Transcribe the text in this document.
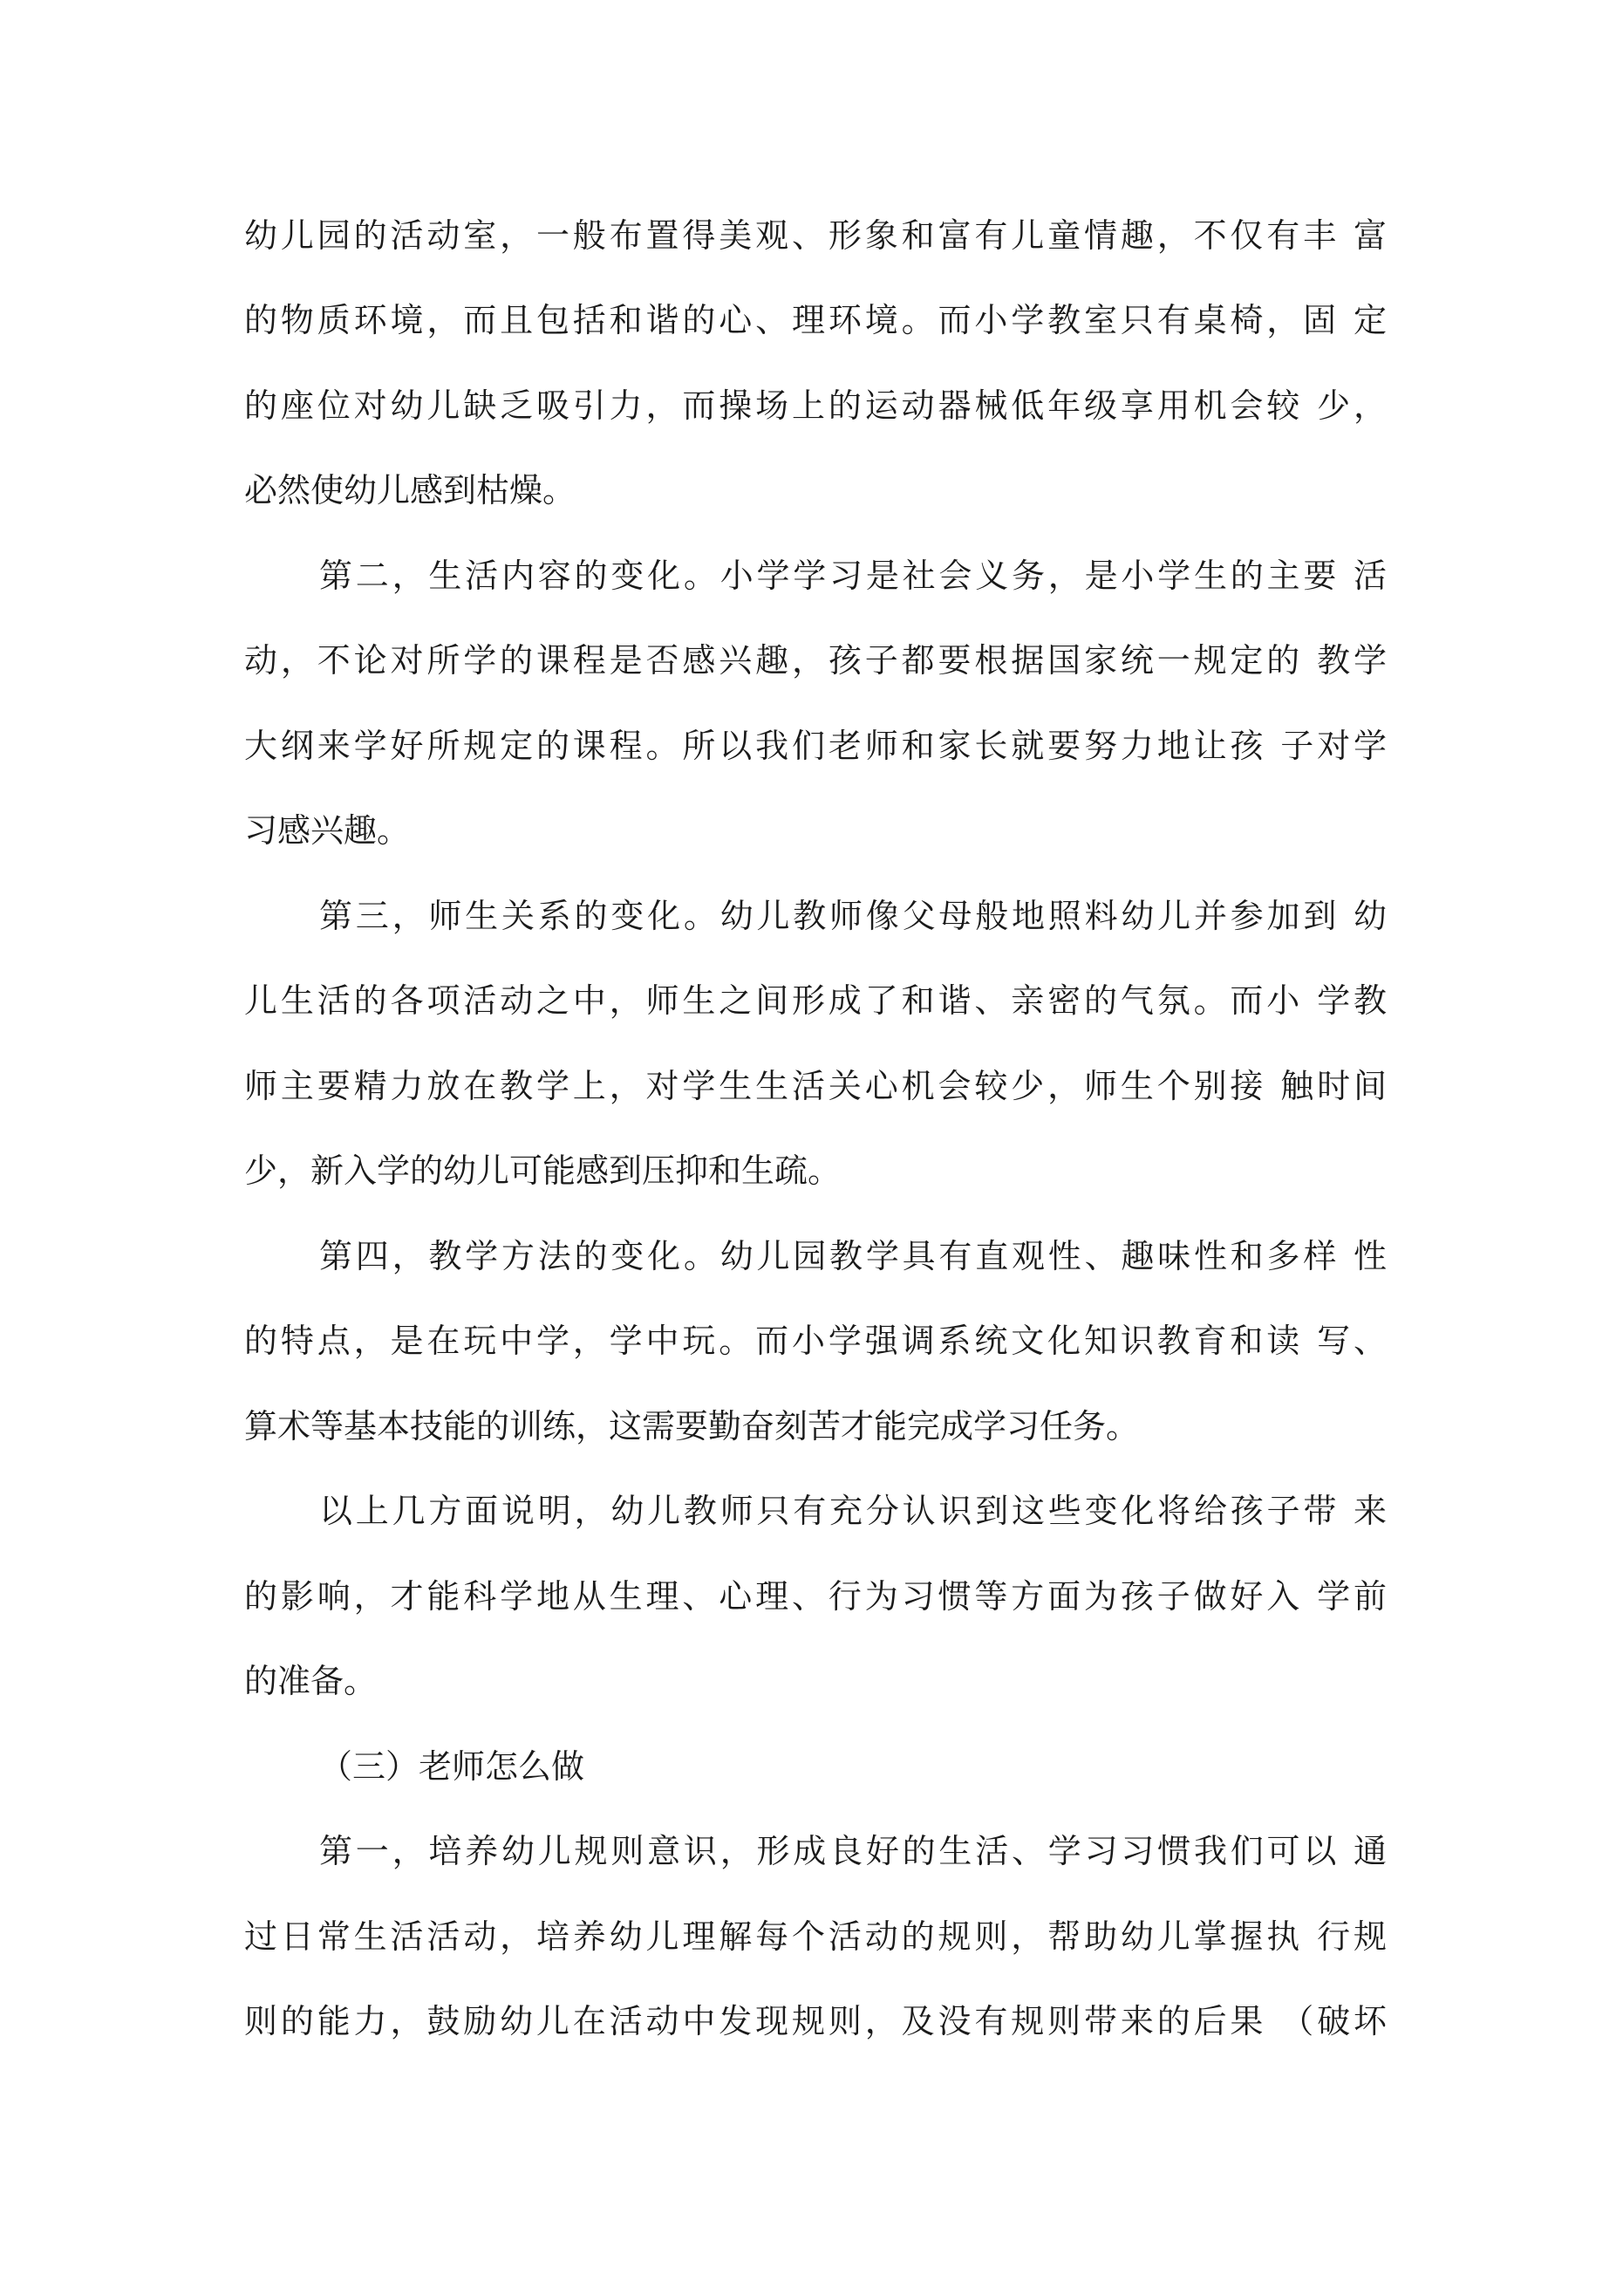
幼儿园的活动室，一般布置得美观、形象和富有儿童情趣，不仅有丰 富
的物质环境，而且包括和谐的心、理环境。而小学教室只有桌椅，固 定
的座位对幼儿缺乏吸引力，而操场上的运动器械低年级享用机会较 少，
必然使幼儿感到枯燥。
第二，生活内容的变化。小学学习是社会义务，是小学生的主要 活
动，不论对所学的课程是否感兴趣，孩子都要根据国家统一规定的 教学
大纲来学好所规定的课程。所以我们老师和家长就要努力地让孩 子对学
习感兴趣。
第三，师生关系的变化。幼儿教师像父母般地照料幼儿并参加到 幼
儿生活的各项活动之中，师生之间形成了和谐、亲密的气氛。而小 学教
师主要精力放在教学上，对学生生活关心机会较少，师生个别接 触时间
少，新入学的幼儿可能感到压抑和生疏。
第四，教学方法的变化。幼儿园教学具有直观性、趣味性和多样 性
的特点，是在玩中学，学中玩。而小学强调系统文化知识教育和读 写、
算术等基本技能的训练，这需要勤奋刻苦才能完成学习任务。
以上几方面说明，幼儿教师只有充分认识到这些变化将给孩子带 来
的影响，才能科学地从生理、心理、行为习惯等方面为孩子做好入 学前
的准备。
（三）老师怎么做
第一，培养幼儿规则意识，形成良好的生活、学习习惯我们可以 通
过日常生活活动，培养幼儿理解每个活动的规则，帮助幼儿掌握执 行规
则的能力，鼓励幼儿在活动中发现规则，及没有规则带来的后果 （破坏
